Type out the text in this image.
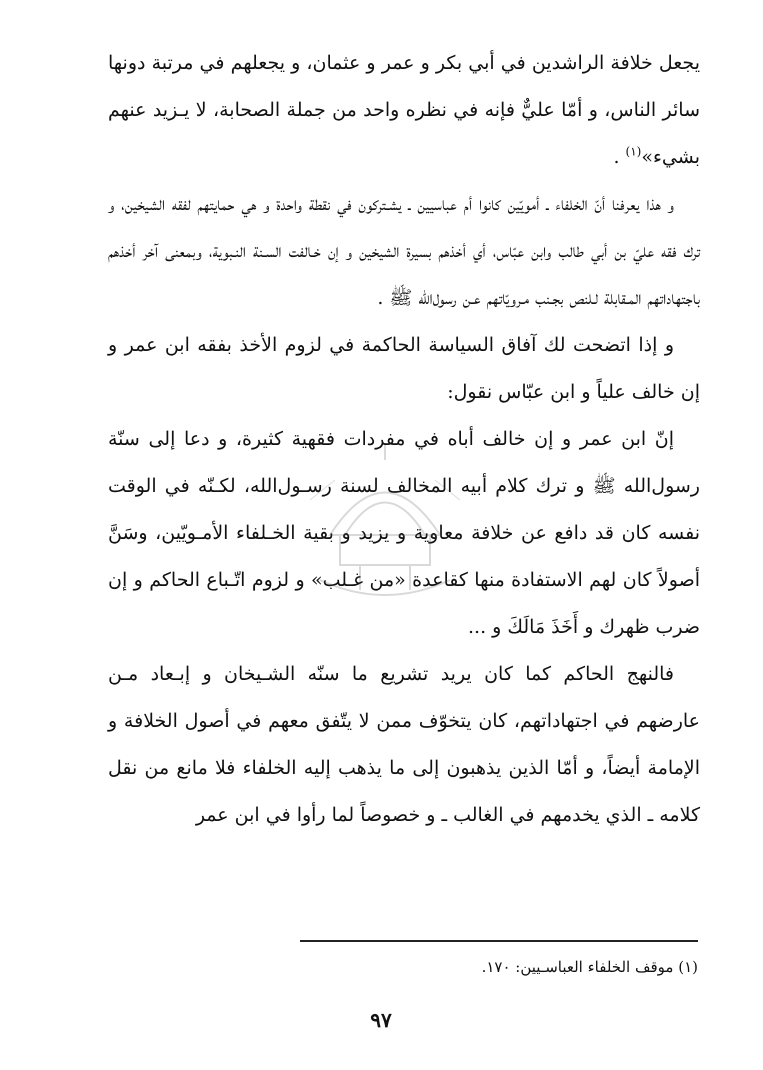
يجعل خلافة الراشدين في أبي بكر و عمر و عثمان، و يجعلهم في مرتبة دونها سائر الناس، و أمّا عليٌّ فإنه في نظره واحد من جملة الصحابة، لا يـزيد عنهم بشيء»$^{(١)}$ .

و هذا يعرفنا أنّ الخلفاء ـ أمويّين كانوا أم عباسيين ـ يشـتركون في نقطة واحدة و هي حمايتهم لفقه الشيخين، و ترك فقه عليّ بن أبي طالب وابن عبّاس، أي أخذهم بسيرة الشيخين و إن خـالفت السـنة النـبوية، وبمعنى آخر أخذهم باجتهاداتهم المـقابلة لـلنص بجـنب مـرويّاتهم عـن رسول‌الله ﷺ .

و إذا اتضحت لك آفاق السياسة الحاكمة في لزوم الأخذ بفقه ابن عمر و إن خالف علياً و ابن عبّاس نقول:

إنّ ابن عمر و إن خالف أباه في مفردات فقهية كثيرة، و دعا إلى سنّة رسول‌الله ﷺ و ترك كلام أبيه المخالف لسنة رسـول‌الله، لكـنّه في الوقت نفسه كان قد دافع عن خلافة معاوية و يزيد و بقية الخـلفاء الأمـويّين، وسَنَّ أصولاً كان لهم الاستفادة منها كقاعدة «من غـلب» و لزوم اتّـباع الحاكم و إن ضرب ظهرك و أَخَذَ مَالَكَ و ...

فالنهج الحاكم كما كان يريد تشريع ما سنّه الشـيخان و إبـعاد مـن عارضهم في اجتهاداتهم، كان يتخوّف ممن لا يتّفق معهم في أصول الخلافة و الإمامة أيضاً، و أمّا الذين يذهبون إلى ما يذهب إليه الخلفاء فلا مانع من نقل كلامه ـ الذي يخدمهم في الغالب ـ و خصوصاً لما رأوا في ابن عمر

(١) موقف الخلفاء العباسـيين: ١٧٠.
٩٧
